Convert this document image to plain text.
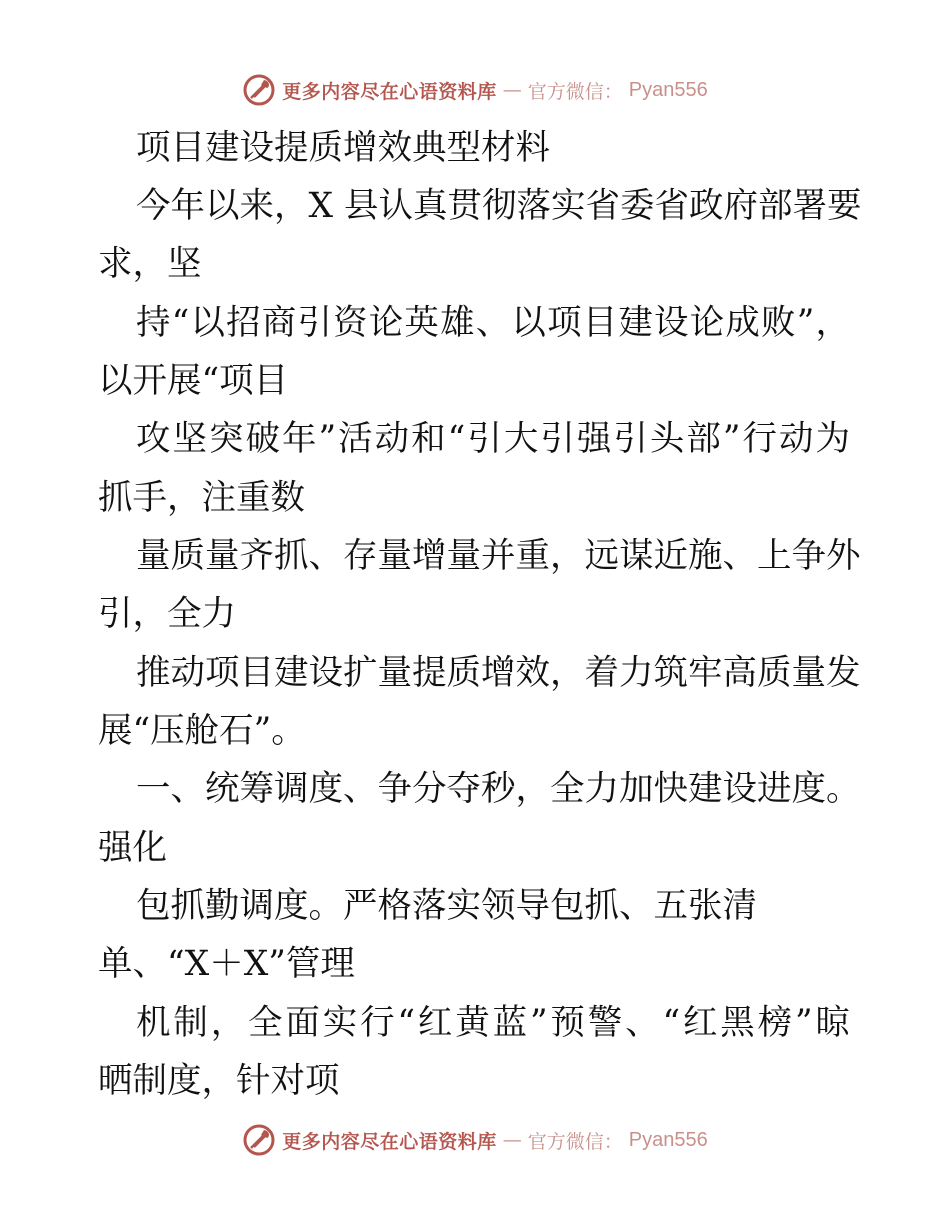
更多内容尽在心语资料库 — 官方微信： Pyan556
项目建设提质增效典型材料
今年以来，X 县认真贯彻落实省委省政府部署要
求，坚
持“以招商引资论英雄、以项目建设论成败”，
以开展“项目
攻坚突破年”活动和“引大引强引头部”行动为
抓手，注重数
量质量齐抓、存量增量并重，远谋近施、上争外
引，全力
推动项目建设扩量提质增效，着力筑牢高质量发
展“压舱石”。
一、统筹调度、争分夺秒，全力加快建设进度。
强化
包抓勤调度。严格落实领导包抓、五张清
单、“X＋X”管理
机制，全面实行“红黄蓝”预警、“红黑榜”晾
晒制度，针对项
更多内容尽在心语资料库 — 官方微信： Pyan556
